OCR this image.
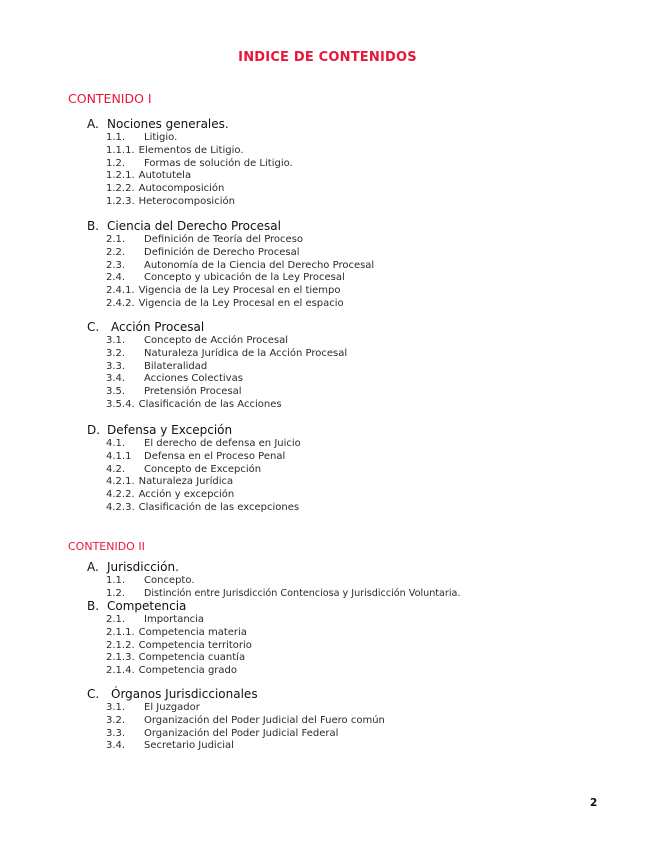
INDICE DE CONTENIDOS
CONTENIDO I
A. Nociones generales.
1.1. Litigio.
1.1.1. Elementos de Litigio.
1.2. Formas de solución de Litigio.
1.2.1. Autotutela
1.2.2. Autocomposición
1.2.3. Heterocomposición
B. Ciencia del Derecho Procesal
2.1. Definición de Teoría del Proceso
2.2. Definición de Derecho Procesal
2.3. Autonomía de la Ciencia del Derecho Procesal
2.4. Concepto y ubicación de la Ley Procesal
2.4.1. Vigencia de la Ley Procesal en el tiempo
2.4.2. Vigencia de la Ley Procesal en el espacio
C. Acción Procesal
3.1. Concepto de Acción Procesal
3.2. Naturaleza Jurídica de la Acción Procesal
3.3. Bilateralidad
3.4. Acciones Colectivas
3.5. Pretensión Procesal
3.5.4. Clasificación de las Acciones
D. Defensa y Excepción
4.1. El derecho de defensa en Juicio
4.1.1 Defensa en el Proceso Penal
4.2. Concepto de Excepción
4.2.1. Naturaleza Jurídica
4.2.2. Acción y excepción
4.2.3. Clasificación de las excepciones
CONTENIDO II
A. Jurisdicción.
1.1. Concepto.
1.2. Distinción entre Jurisdicción Contenciosa y Jurisdicción Voluntaria.
B. Competencia
2.1. Importancia
2.1.1. Competencia materia
2.1.2. Competencia territorio
2.1.3. Competencia cuantía
2.1.4. Competencia grado
C. Órganos Jurisdiccionales
3.1. El Juzgador
3.2. Organización del Poder Judicial del Fuero común
3.3. Organización del Poder Judicial Federal
3.4. Secretario Judicial
2
